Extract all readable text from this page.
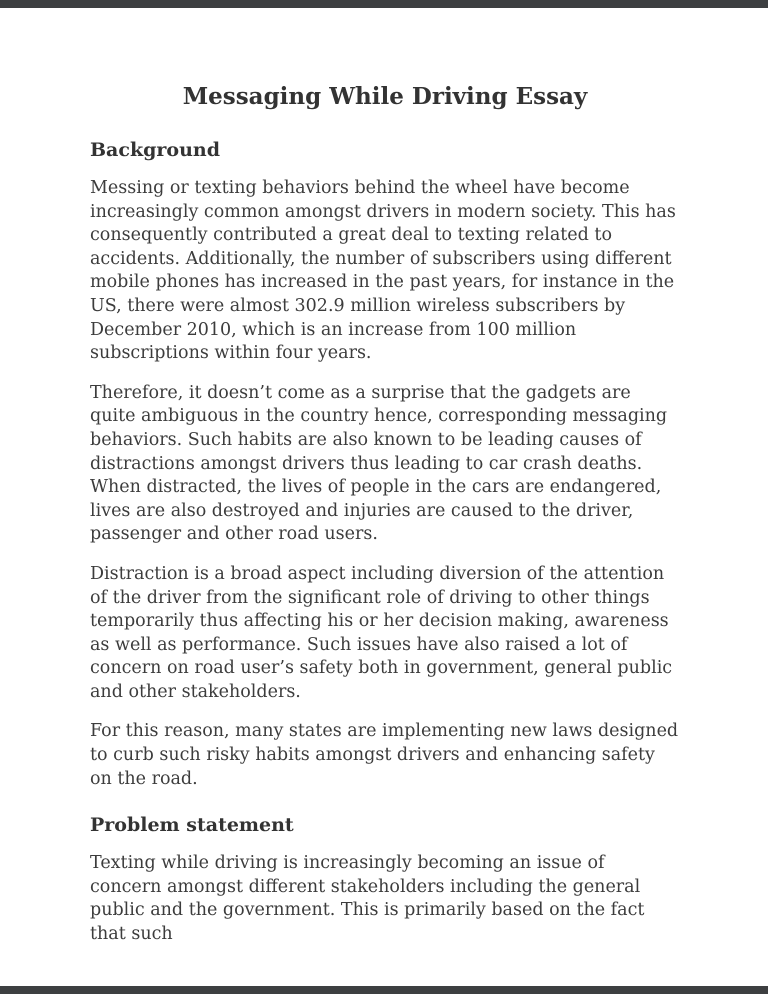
Messaging While Driving Essay
Background

Messing or texting behaviors behind the wheel have become increasingly common amongst drivers in modern society. This has consequently contributed a great deal to texting related to accidents. Additionally, the number of subscribers using different mobile phones has increased in the past years, for instance in the US, there were almost 302.9 million wireless subscribers by December 2010, which is an increase from 100 million subscriptions within four years.

Therefore, it doesn’t come as a surprise that the gadgets are quite ambiguous in the country hence, corresponding messaging behaviors. Such habits are also known to be leading causes of distractions amongst drivers thus leading to car crash deaths. When distracted, the lives of people in the cars are endangered, lives are also destroyed and injuries are caused to the driver, passenger and other road users.

Distraction is a broad aspect including diversion of the attention of the driver from the significant role of driving to other things temporarily thus affecting his or her decision making, awareness as well as performance. Such issues have also raised a lot of concern on road user’s safety both in government, general public and other stakeholders.

For this reason, many states are implementing new laws designed to curb such risky habits amongst drivers and enhancing safety on the road.

Problem statement

Texting while driving is increasingly becoming an issue of concern amongst different stakeholders including the general public and the government. This is primarily based on the fact that such
